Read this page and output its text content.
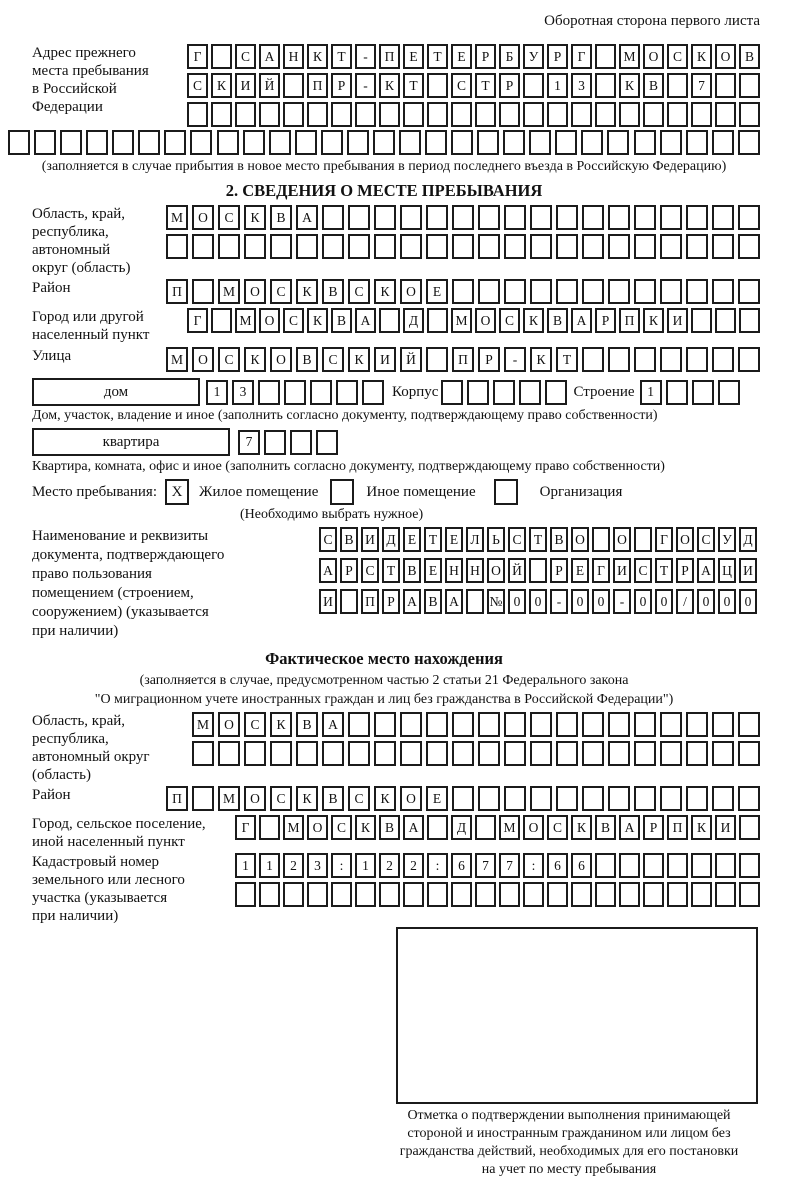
Оборотная сторона первого листа
Адрес прежнего
места пребывания
в Российской
Федерации
Г	С	А	Н	К	Т	-	П	Е	Т	Е	Р	Б	У	Р	Г	М О	С	К	О	В
С	К	И	Й	П	Р	-	К	Т	С	Т	Р	1	3	К	В	7
(заполняется в случае прибытия в новое место пребывания в период последнего въезда в Российскую Федерацию)
2. СВЕДЕНИЯ О МЕСТЕ ПРЕБЫВАНИЯ
Область, край,
республика,
автономный
округ (область)
М	О	С	К	В	А
Район	П	М	О	С	К	В	С	К	О	Е
Город или другой
населенный пункт
Г	М О	С	К	В	А	Д	М О	С	К	В	А	Р	П	К	И
Улица	М	О	С	К	О	В	С	К	И	Й	П	Р	-	К	Т
дом	1	3	Корпус	Строение 1
Дом, участок, владение и иное (заполнить согласно документу, подтверждающему право собственности)
квартира	7
Квартира, комната, офис и иное (заполнить согласно документу, подтверждающему право собственности)
Место пребывания: X	Жилое помещение	Иное помещение	Организация
(Необходимо выбрать нужное)
Наименование и реквизиты
документа, подтверждающего
право пользования
помещением (строением,
сооружением) (указывается
при наличии)
С В И Д Е Т Е Л Ь С Т В О	О	Г О С У Д
А Р С Т В Е Н Н О Й	Р Е Г И С Т Р А Ц И
И	П Р А В А	№ 0	0	-	0	0	-	0	0	/	0	0	0
Фактическое место нахождения
(заполняется в случае, предусмотренном частью 2 статьи 21 Федерального закона
"О миграционном учете иностранных граждан и лиц без гражданства в Российской Федерации")
Область, край,
республика,
автономный округ
(область)
М	О	С	К	В	А
Район	П	М	О	С	К	В	С	К	О	Е
Город, сельское поселение,
иной населенный пункт
Г	М О	С	К	В	А	Д	М О	С	К	В	А	Р	П	К	И
Кадастровый номер
земельного или лесного
участка (указывается
при наличии)
1	1	2	3	:	1	2	2	:	6	7	7	:	6	6
Отметка о подтверждении выполнения принимающей
стороной и иностранным гражданином или лицом без
гражданства действий, необходимых для его постановки
на учет по месту пребывания
